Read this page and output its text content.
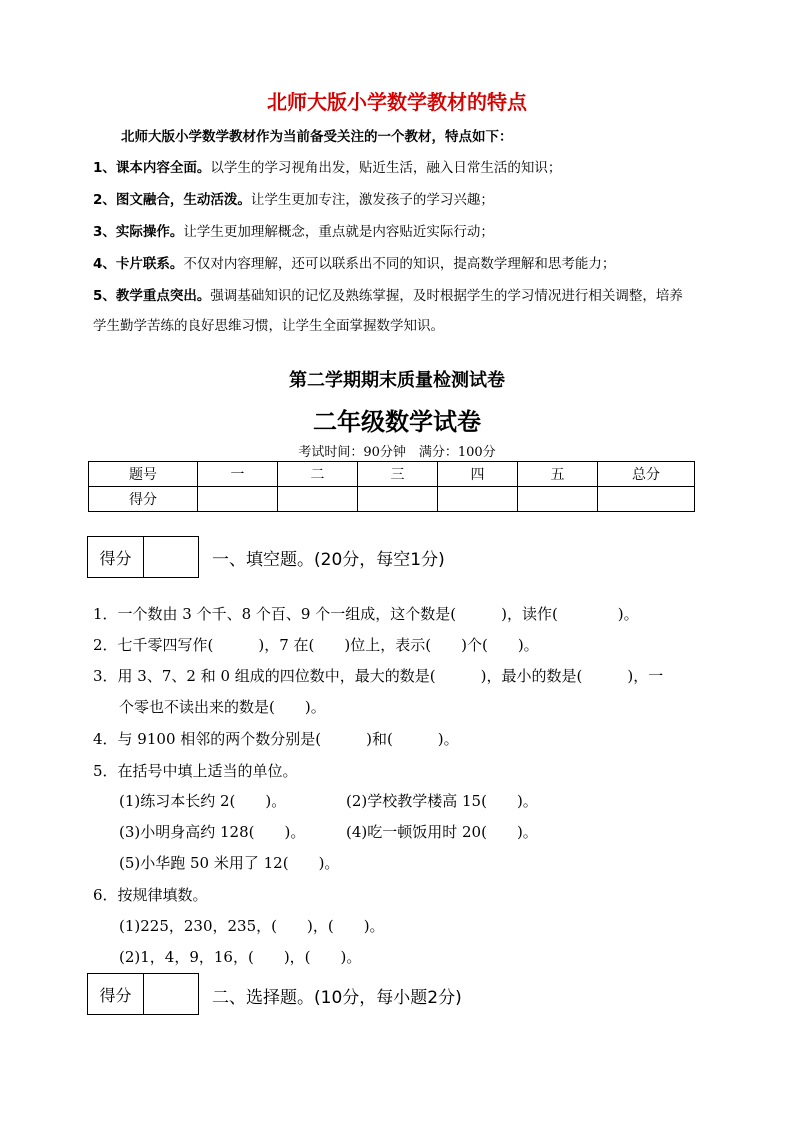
北师大版小学数学教材的特点
北师大版小学数学教材作为当前备受关注的一个教材，特点如下：
1、课本内容全面。以学生的学习视角出发，贴近生活，融入日常生活的知识；
2、图文融合，生动活泼。让学生更加专注，激发孩子的学习兴趣；
3、实际操作。让学生更加理解概念，重点就是内容贴近实际行动；
4、卡片联系。不仅对内容理解，还可以联系出不同的知识，提高数学理解和思考能力；
5、教学重点突出。强调基础知识的记忆及熟练掌握，及时根据学生的学习情况进行相关调整，培养
学生勤学苦练的良好思维习惯，让学生全面掌握数学知识。
第二学期期末质量检测试卷
二年级数学试卷
考试时间：90分钟　满分：100分
题号	一	二	三	四	五	总分
得分						
得分	一、填空题。(20分，每空1分)
1．一个数由 3 个千、8 个百、9 个一组成，这个数是(　　　)，读作(　　　　)。
2．七千零四写作(　　　)，7 在(　　)位上，表示(　　)个(　　)。
3．用 3、7、2 和 0 组成的四位数中，最大的数是(　　　)，最小的数是(　　　)，一
个零也不读出来的数是(　　)。
4．与 9100 相邻的两个数分别是(　　　)和(　　　)。
5．在括号中填上适当的单位。
(1)练习本长约 2(　　)。	(2)学校教学楼高 15(　　)。
(3)小明身高约 128(　　)。	(4)吃一顿饭用时 20(　　)。
(5)小华跑 50 米用了 12(　　)。
6．按规律填数。
(1)225，230，235，(　　)，(　　)。
(2)1，4，9，16，(　　)，(　　)。
得分	二、选择题。(10分，每小题2分)
